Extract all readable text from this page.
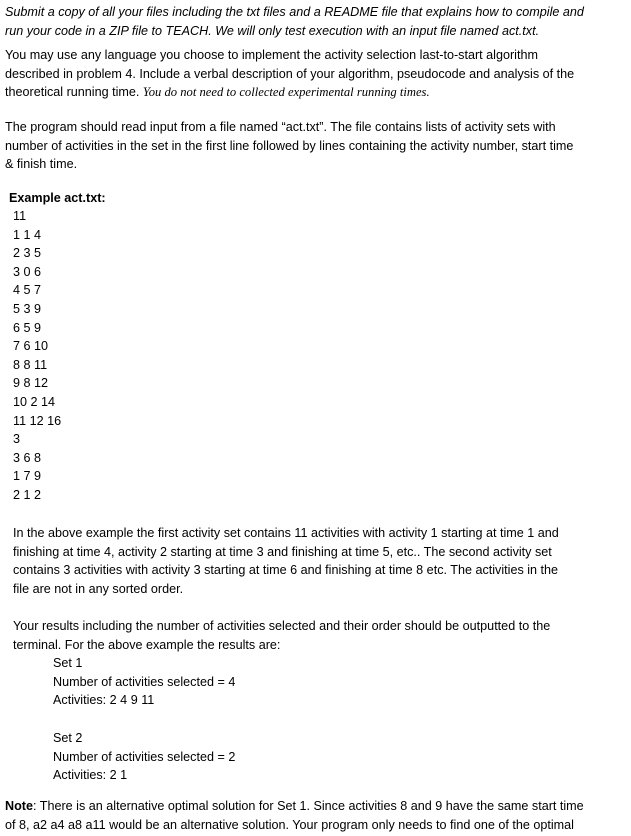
Submit a copy of all your files including the txt files and a README file that explains how to compile and
run your code in a ZIP file to TEACH. We will only test execution with an input file named act.txt.
You may use any language you choose to implement the activity selection last-to-start algorithm
described in problem 4. Include a verbal description of your algorithm, pseudocode and analysis of the
theoretical running time. You do not need to collected experimental running times.
The program should read input from a file named “act.txt”. The file contains lists of activity sets with
number of activities in the set in the first line followed by lines containing the activity number, start time
& finish time.
Example act.txt:
11
1 1 4
2 3 5
3 0 6
4 5 7
5 3 9
6 5 9
7 6 10
8 8 11
9 8 12
10 2 14
11 12 16
3
3 6 8
1 7 9
2 1 2
In the above example the first activity set contains 11 activities with activity 1 starting at time 1 and
finishing at time 4, activity 2 starting at time 3 and finishing at time 5, etc.. The second activity set
contains 3 activities with activity 3 starting at time 6 and finishing at time 8 etc. The activities in the
file are not in any sorted order.
Your results including the number of activities selected and their order should be outputted to the
terminal. For the above example the results are:
Set 1
Number of activities selected = 4
Activities: 2 4 9 11
Set 2
Number of activities selected = 2
Activities: 2 1
Note: There is an alternative optimal solution for Set 1. Since activities 8 and 9 have the same start time
of 8, a2 a4 a8 a11 would be an alternative solution. Your program only needs to find one of the optimal
